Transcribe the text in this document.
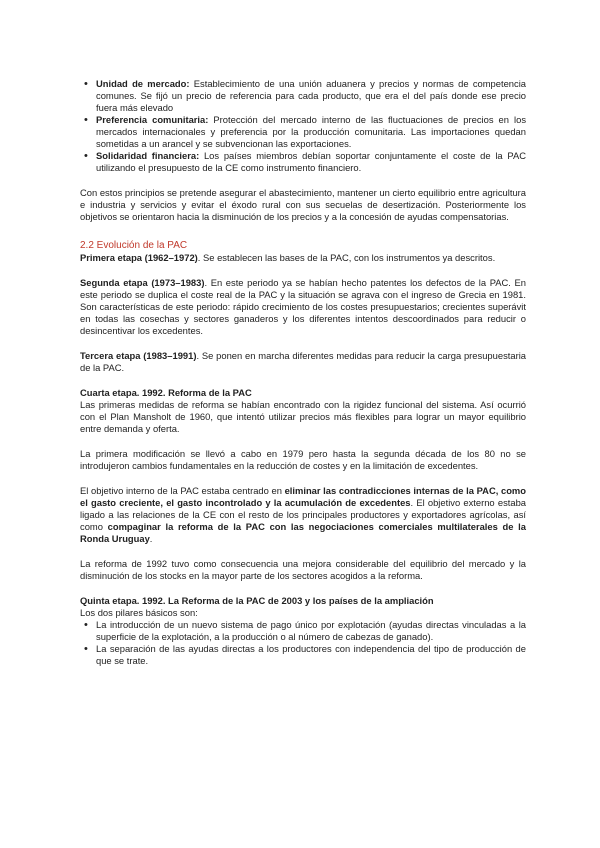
• Unidad de mercado: Establecimiento de una unión aduanera y precios y normas de competencia comunes. Se fijó un precio de referencia para cada producto, que era el del país donde ese precio fuera más elevado
• Preferencia comunitaria: Protección del mercado interno de las fluctuaciones de precios en los mercados internacionales y preferencia por la producción comunitaria. Las importaciones quedan sometidas a un arancel y se subvencionan las exportaciones.
• Solidaridad financiera: Los países miembros debían soportar conjuntamente el coste de la PAC utilizando el presupuesto de la CE como instrumento financiero.

Con estos principios se pretende asegurar el abastecimiento, mantener un cierto equilibrio entre agricultura e industria y servicios y evitar el éxodo rural con sus secuelas de desertización. Posteriormente los objetivos se orientaron hacia la disminución de los precios y a la concesión de ayudas compensatorias.

2.2 Evolución de la PAC

Primera etapa (1962–1972). Se establecen las bases de la PAC, con los instrumentos ya descritos.

Segunda etapa (1973–1983). En este periodo ya se habían hecho patentes los defectos de la PAC. En este periodo se duplica el coste real de la PAC y la situación se agrava con el ingreso de Grecia en 1981. Son características de este periodo: rápido crecimiento de los costes presupuestarios; crecientes superávit en todas las cosechas y sectores ganaderos y los diferentes intentos descoordinados para reducir o desincentivar los excedentes.

Tercera etapa (1983–1991). Se ponen en marcha diferentes medidas para reducir la carga presupuestaria de la PAC.

Cuarta etapa. 1992. Reforma de la PAC

Las primeras medidas de reforma se habían encontrado con la rigidez funcional del sistema. Así ocurrió con el Plan Mansholt de 1960, que intentó utilizar precios más flexibles para lograr un mayor equilibrio entre demanda y oferta.

La primera modificación se llevó a cabo en 1979 pero hasta la segunda década de los 80 no se introdujeron cambios fundamentales en la reducción de costes y en la limitación de excedentes.

El objetivo interno de la PAC estaba centrado en eliminar las contradicciones internas de la PAC, como el gasto creciente, el gasto incontrolado y la acumulación de excedentes. El objetivo externo estaba ligado a las relaciones de la CE con el resto de los principales productores y exportadores agrícolas, así como compaginar la reforma de la PAC con las negociaciones comerciales multilaterales de la Ronda Uruguay.

La reforma de 1992 tuvo como consecuencia una mejora considerable del equilibrio del mercado y la disminución de los stocks en la mayor parte de los sectores acogidos a la reforma.

Quinta etapa. 1992. La Reforma de la PAC de 2003 y los países de la ampliación

Los dos pilares básicos son:

• La introducción de un nuevo sistema de pago único por explotación (ayudas directas vinculadas a la superficie de la explotación, a la producción o al número de cabezas de ganado).
• La separación de las ayudas directas a los productores con independencia del tipo de producción de que se trate.
